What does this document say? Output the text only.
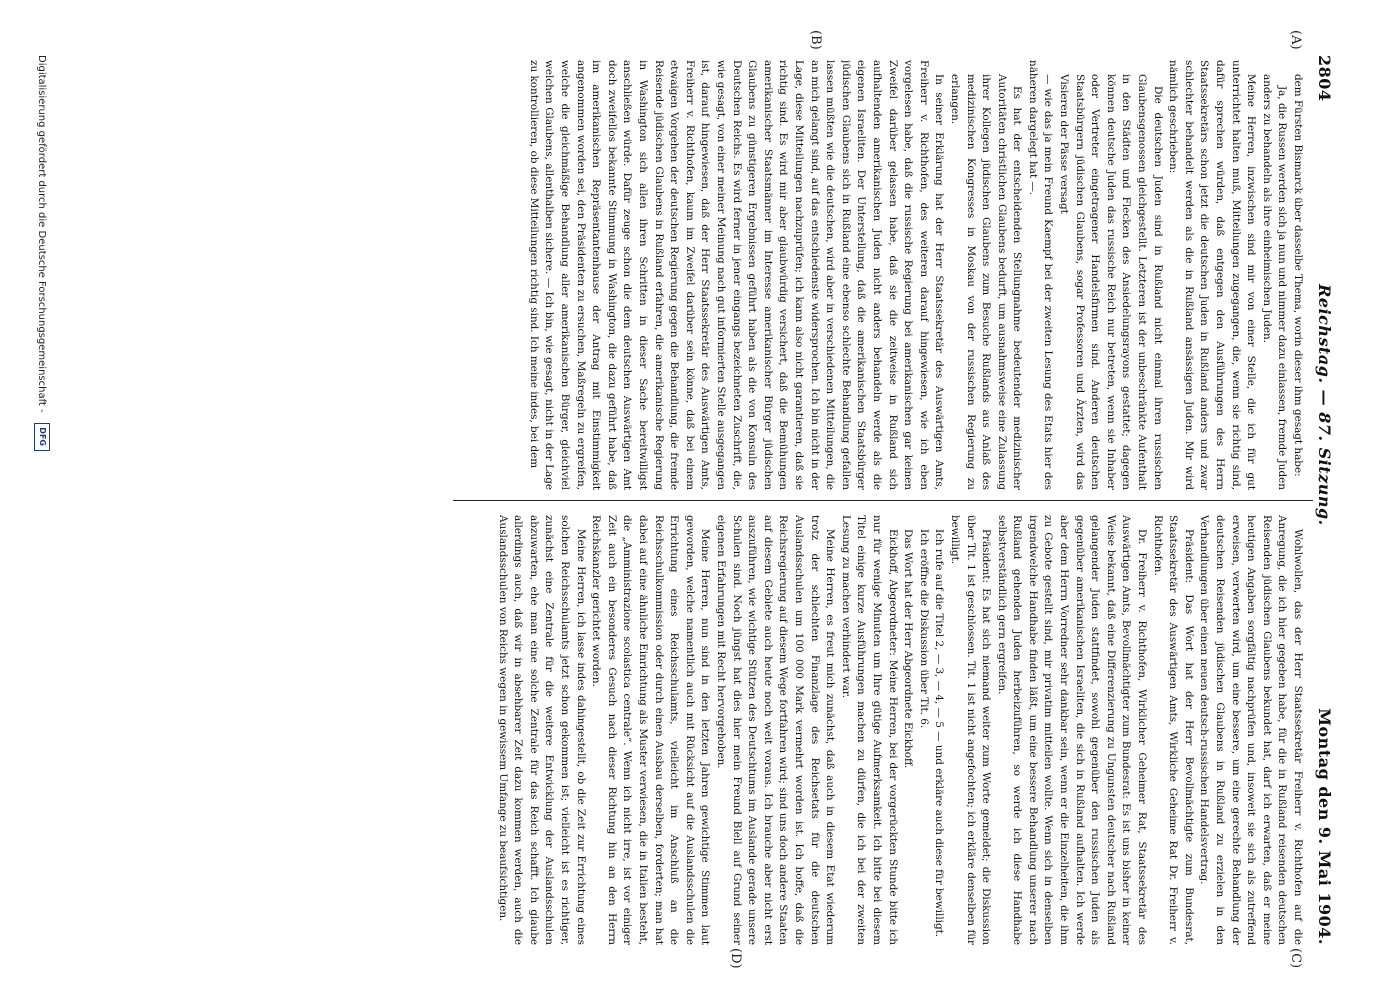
2804
Reichstag. — 87. Sitzung.
Montag den 9. Mai 1904.
(A)
(B)
(C)
(D)

dem Fürsten Bismarck über dasselbe Thema, worin dieser ihm gesagt habe:

Ja, die Russen werden sich ja nun und nimmer dazu einlassen, fremde Juden anders zu behandeln als ihre einheimischen Juden.

Meine Herren, inzwischen sind mir von einer Stelle, die ich für gut unterrichtet halten muß, Mitteilungen zugegangen, die, wenn sie richtig sind, dafür sprechen würden, daß entgegen den Ausführungen des Herrn Staatssekretärs schon jetzt die deutschen Juden in Rußland anders und zwar schlechter behandelt werden als die in Rußland ansässigen Juden. Mir wird nämlich geschrieben:

Die deutschen Juden sind in Rußland nicht einmal ihren russischen Glaubensgenossen gleichgestellt. Letzteren ist der unbeschränkte Aufenthalt in den Städten und Flecken des Ansiedelungsrayons gestattet; dagegen können deutsche Juden das russische Reich nur betreten, wenn sie Inhaber oder Vertreter eingetragener Handelsfirmen sind. Anderen deutschen Staatsbürgern jüdischen Glaubens, sogar Professoren und Ärzten, wird das Visieren der Pässe versagt

— wie das ja mein Freund Kaempf bei der zweiten Lesung des Etats hier des näheren dargelegt hat —.

Es hat der entscheidenden Stellungnahme bedeutender medizinischer Autoritäten christlichen Glaubens bedurft, um ausnahmsweise eine Zulassung ihrer Kollegen jüdischen Glaubens zum Besuche Rußlands aus Anlaß des medizinischen Kongresses in Moskau von der russischen Regierung zu erlangen.

In seiner Erklärung hat der Herr Staatssekretär des Auswärtigen Amts, Freiherr v. Richthofen, des weiteren darauf hingewiesen, wie ich eben vorgelesen habe, daß die russische Regierung bei amerikanischen gar keinen Zweifel darüber gelassen habe, daß sie die zeitweise in Rußland sich aufhaltenden amerikanischen Juden nicht anders behandeln werde als die eigenen Israeliten. Der Unterstellung, daß die amerikanischen Staatsbürger jüdischen Glaubens sich in Rußland eine ebenso schlechte Behandlung gefallen lassen müßten wie die deutschen, wird aber in verschiedenen Mitteilungen, die an mich gelangt sind, auf das entschiedenste widersprochen. Ich bin nicht in der Lage, diese Mitteilungen nachzuprüfen; ich kann also nicht garantieren, daß sie richtig sind. Es wird mir aber glaubwürdig versichert, daß die Bemühungen amerikanischer Staatsmänner im Interesse amerikanischer Bürger jüdischen Glaubens zu günstigeren Ergebnissen geführt haben als die von Konsuln des Deutschen Reichs. Es wird ferner in jener eingangs bezeichneten Zuschrift, die, wie gesagt, von einer meiner Meinung nach gut informierten Stelle ausgegangen ist, darauf hingewiesen, daß der Herr Staatssekretär des Auswärtigen Amts, Freiherr v. Richthofen, kaum im Zweifel darüber sein könne, daß bei einem etwaigen Vorgehen der deutschen Regierung gegen die Behandlung, die fremde Reisende jüdischen Glaubens in Rußland erfahren, die amerikanische Regierung in Washington sich allen ihren Schritten in dieser Sache bereitwilligst anschließen würde. Dafür zeuge schon die dem deutschen Auswärtigen Amt doch zweifellos bekannte Stimmung in Washington, die dazu geführt habe, daß im amerikanischen Repräsentantenhause der Antrag mit Einstimmigkeit angenommen worden sei, den Präsidenten zu ersuchen, Maßregeln zu ergreifen, welche die gleichmäßige Behandlung aller amerikanischen Bürger, gleichviel welchen Glaubens, allenthalben sichere. — Ich bin, wie gesagt, nicht in der Lage zu kontrollieren, ob diese Mitteilungen richtig sind. Ich meine indes, bei dem

Wohlwollen, das der Herr Staatssekretär Freiherr v. Richthofen auf die Anregung, die ich hier gegeben habe, für die in Rußland reisenden deutschen Reisenden jüdischen Glaubens bekundet hat, darf ich erwarten, daß er meine heutigen Angaben sorgfältig nachprüfen und, insoweit sie sich als zutreffend erweisen, verwerten wird, um eine bessere, um eine gerechte Behandlung der deutschen Reisenden jüdischen Glaubens in Rußland zu erzielen in den Verhandlungen über einen neuen deutsch-russischen Handelsvertrag.

Präsident: Das Wort hat der Herr Bevollmächtigte zum Bundesrat, Staatssekretär des Auswärtigen Amts, Wirkliche Geheime Rat Dr. Freiherr v. Richthofen.

Dr. Freiherr v. Richthofen, Wirklicher Geheimer Rat, Staatssekretär des Auswärtigen Amts, Bevollmächtigter zum Bundesrat: Es ist uns bisher in keiner Weise bekannt, daß eine Differenzierung zu Ungunsten deutscher nach Rußland gelangender Juden stattfindet, sowohl gegenüber den russischen Juden als gegenüber amerikanischen Israeliten, die sich in Rußland aufhalten. Ich werde aber dem Herrn Vorredner sehr dankbar sein, wenn er die Einzelheiten, die ihm zu Gebote gestellt sind, mir privatim mitteilen wollte. Wenn sich in denselben irgendwelche Handhabe finden läßt, um eine bessere Behandlung unserer nach Rußland gehenden Juden herbeizuführen, so werde ich diese Handhabe selbstverständlich gern ergreifen.

Präsident: Es hat sich niemand weiter zum Worte gemeldet; die Diskussion über Tit. 1 ist geschlossen. Tit. 1 ist nicht angefochten; ich erkläre denselben für bewilligt.

Ich rufe auf die Titel 2, — 3, — 4, — 5 — und erkläre auch diese für bewilligt.

Ich eröffne die Diskussion über Tit. 6.

Das Wort hat der Herr Abgeordnete Eickhoff.

Eickhoff, Abgeordneter: Meine Herren, bei der vorgerückten Stunde bitte ich nur für wenige Minuten um Ihre gütige Aufmerksamkeit. Ich bitte bei diesem Titel einige kurze Ausführungen machen zu dürfen, die ich bei der zweiten Lesung zu machen verhindert war.

Meine Herren, es freut mich zunächst, daß auch in diesem Etat wiederum trotz der schlechten Finanzlage des Reichsetats für die deutschen Auslandsschulen um 100 000 Mark vermehrt worden ist. Ich hoffe, daß die Reichsregierung auf diesem Wege fortfahren wird; sind uns doch andere Staaten auf diesem Gebiete auch heute noch weit voraus. Ich brauche aber nicht erst auszuführen, wie wichtige Stützen des Deutschtums im Auslande gerade unsere Schulen sind. Noch jüngst hat dies hier mein Freund Blell auf Grund seiner eigenen Erfahrungen mit Recht hervorgehoben.

Meine Herren, nun sind in den letzten Jahren gewichtige Stimmen laut geworden, welche namentlich auch mit Rücksicht auf die Auslandsschulen die Errichtung eines Reichsschulamts, vielleicht im Anschluß an die Reichsschulkommission oder durch einen Ausbau derselben, forderten; man hat dabei auf eine ähnliche Einrichtung als Muster verwiesen, die in Italien besteht, die „Amministrazione scolastica centrale“. Wenn ich nicht irre, ist vor einiger Zeit auch ein besonderes Gesuch nach dieser Richtung hin an den Herrn Reichskanzler gerichtet worden.

Meine Herren, ich lasse indes dahingestellt, ob die Zeit zur Errichtung eines solchen Reichsschulamts jetzt schon gekommen ist; vielleicht ist es richtiger, zunächst eine Zentrale für die weitere Entwicklung der Auslandsschulen abzuwarten, ehe man eine solche Zentrale für das Reich schafft. Ich glaube allerdings auch, daß wir in absehbarer Zeit dazu kommen werden, auch die Auslandsschulen von Reichs wegen in gewissem Umfange zu beaufsichtigen.

Digitalisierung gefördert durch die Deutsche Forschungsgemeinschaft -
DFG
